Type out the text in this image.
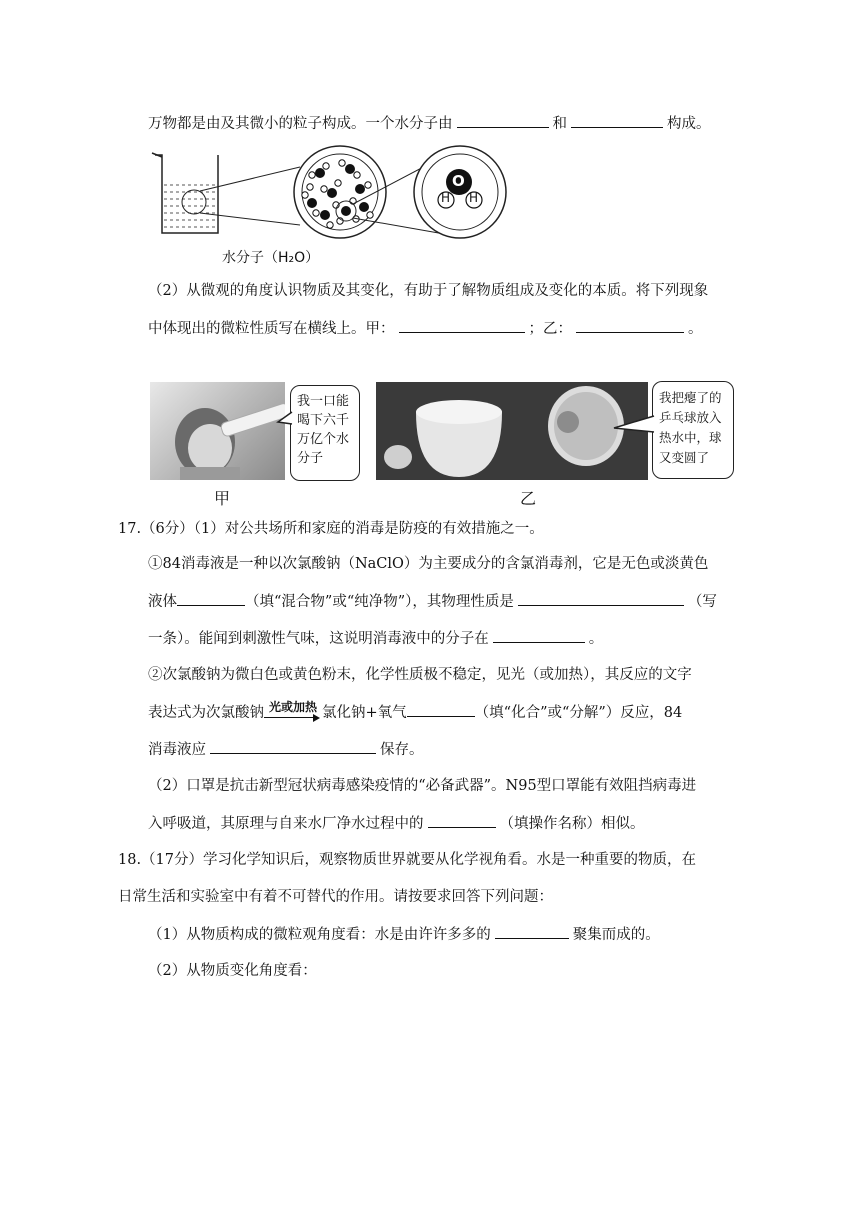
万物都是由及其微小的粒子构成。一个水分子由	和	构成。
O
H H
水分子（H₂O）
（2）从微观的角度认识物质及其变化，有助于了解物质组成及变化的本质。将下列现象
中体现出的微粒性质写在横线上。甲：	；乙：	。
我一口能喝下六千万亿个水分子
我把瘪了的乒乓球放入热水中，球又变圆了
甲	乙
17.（6分）（1）对公共场所和家庭的消毒是防疫的有效措施之一。
①84消毒液是一种以次氯酸钠（NaClO）为主要成分的含氯消毒剂，它是无色或淡黄色
液体	（填“混合物”或“纯净物”），其物理性质是	（写
一条）。能闻到刺激性气味，这说明消毒液中的分子在	。
②次氯酸钠为微白色或黄色粉末，化学性质极不稳定，见光（或加热），其反应的文字
表达式为次氯酸钠 光或加热 氯化钠+氧气	（填“化合”或“分解”）反应，84
消毒液应	保存。
（2）口罩是抗击新型冠状病毒感染疫情的“必备武器”。N95型口罩能有效阻挡病毒进
入呼吸道，其原理与自来水厂净水过程中的	（填操作名称）相似。
18.（17分）学习化学知识后，观察物质世界就要从化学视角看。水是一种重要的物质，在
日常生活和实验室中有着不可替代的作用。请按要求回答下列问题：
（1）从物质构成的微粒观角度看：水是由许许多多的	聚集而成的。
（2）从物质变化角度看：
